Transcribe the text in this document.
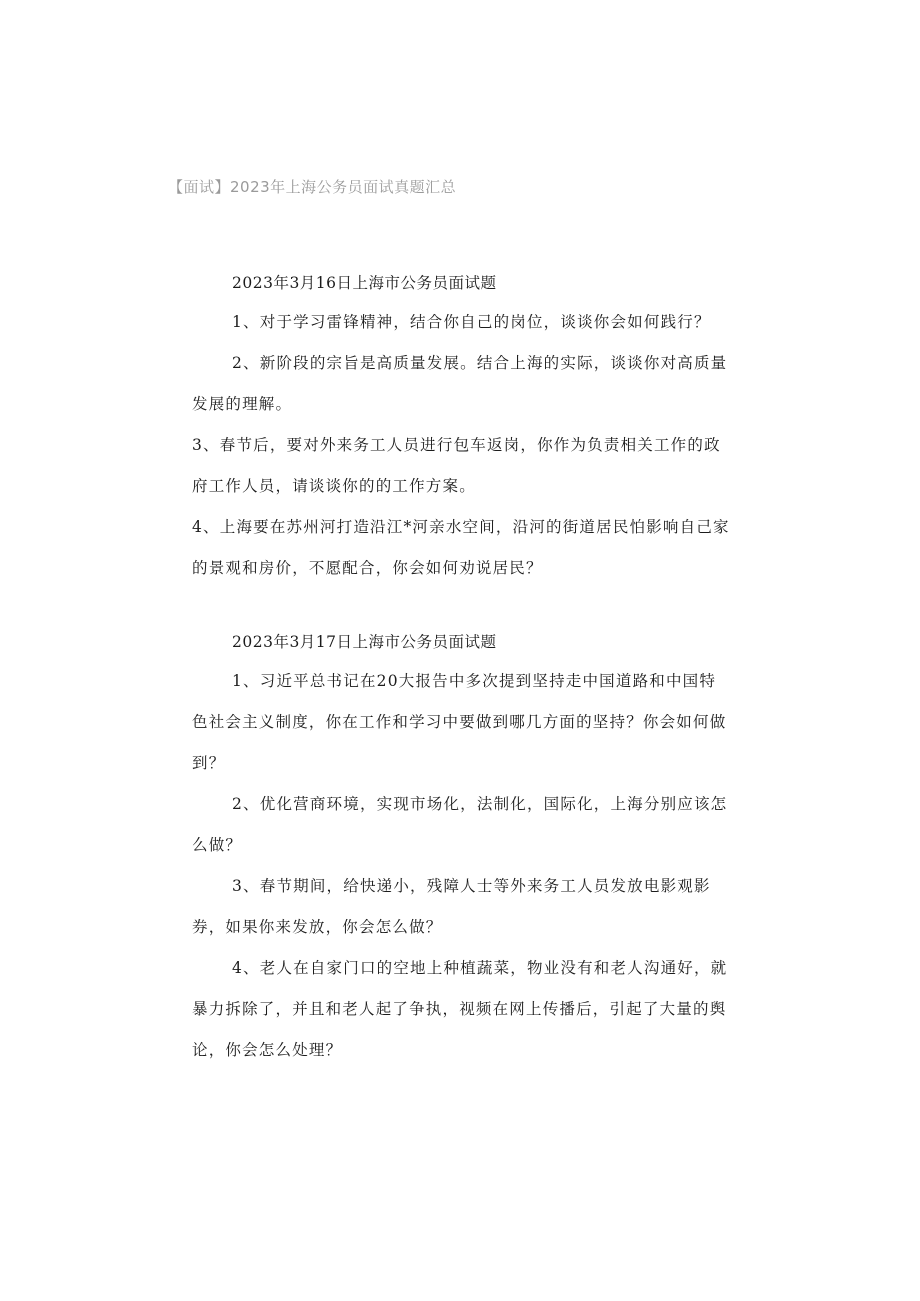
【面试】2023年上海公务员面试真题汇总
2023年3月16日上海市公务员面试题
1、对于学习雷锋精神，结合你自己的岗位，谈谈你会如何践行？
2、新阶段的宗旨是高质量发展。结合上海的实际，谈谈你对高质量发展的理解。
3、春节后，要对外来务工人员进行包车返岗，你作为负责相关工作的政府工作人员，请谈谈你的的工作方案。
4、上海要在苏州河打造沿江*河亲水空间，沿河的街道居民怕影响自己家的景观和房价，不愿配合，你会如何劝说居民？
2023年3月17日上海市公务员面试题
1、习近平总书记在20大报告中多次提到坚持走中国道路和中国特色社会主义制度，你在工作和学习中要做到哪几方面的坚持？你会如何做到？
2、优化营商环境，实现市场化，法制化，国际化，上海分别应该怎么做？
3、春节期间，给快递小，残障人士等外来务工人员发放电影观影券，如果你来发放，你会怎么做？
4、老人在自家门口的空地上种植蔬菜，物业没有和老人沟通好，就暴力拆除了，并且和老人起了争执，视频在网上传播后，引起了大量的舆论，你会怎么处理？
